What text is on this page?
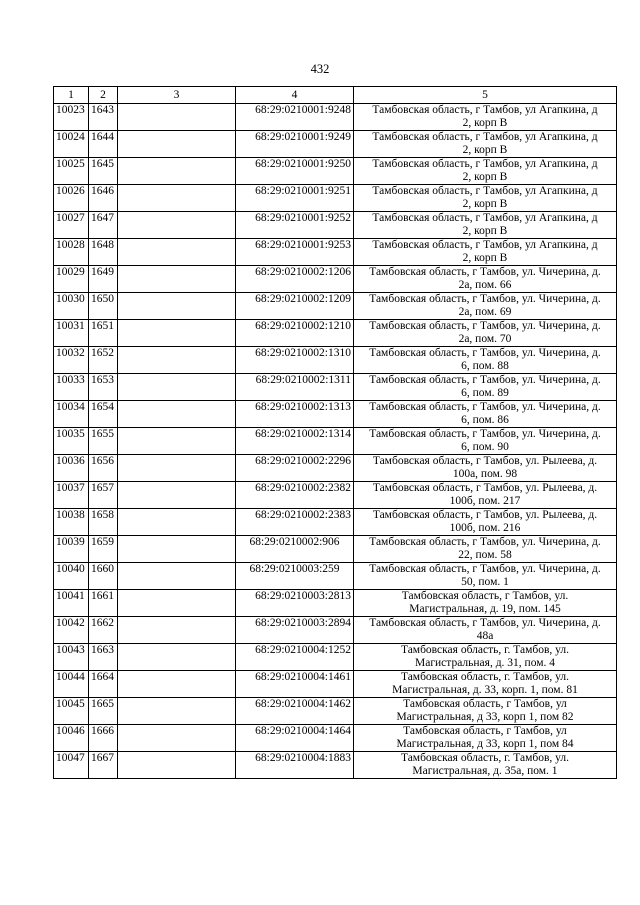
432
1	2	3	4	5
10023	1643		68:29:0210001:9248	Тамбовская область, г Тамбов, ул Агапкина, д
2, корп В

10024	1644		68:29:0210001:9249	Тамбовская область, г Тамбов, ул Агапкина, д
2, корп В

10025	1645		68:29:0210001:9250	Тамбовская область, г Тамбов, ул Агапкина, д
2, корп В

10026	1646		68:29:0210001:9251	Тамбовская область, г Тамбов, ул Агапкина, д
2, корп В

10027	1647		68:29:0210001:9252	Тамбовская область, г Тамбов, ул Агапкина, д
2, корп В

10028	1648		68:29:0210001:9253	Тамбовская область, г Тамбов, ул Агапкина, д
2, корп В

10029	1649		68:29:0210002:1206	Тамбовская область, г Тамбов, ул. Чичерина, д.
2а, пом. 66

10030	1650		68:29:0210002:1209	Тамбовская область, г Тамбов, ул. Чичерина, д.
2а, пом. 69

10031	1651		68:29:0210002:1210	Тамбовская область, г Тамбов, ул. Чичерина, д.
2а, пом. 70

10032	1652		68:29:0210002:1310	Тамбовская область, г Тамбов, ул. Чичерина, д.
6, пом. 88

10033	1653		68:29:0210002:1311	Тамбовская область, г Тамбов, ул. Чичерина, д.
6, пом. 89

10034	1654		68:29:0210002:1313	Тамбовская область, г Тамбов, ул. Чичерина, д.
6, пом. 86

10035	1655		68:29:0210002:1314	Тамбовская область, г Тамбов, ул. Чичерина, д.
6, пом. 90

10036	1656		68:29:0210002:2296	Тамбовская область, г Тамбов, ул. Рылеева, д.
100а, пом. 98

10037	1657		68:29:0210002:2382	Тамбовская область, г Тамбов, ул. Рылеева, д.
100б, пом. 217

10038	1658		68:29:0210002:2383	Тамбовская область, г Тамбов, ул. Рылеева, д.
100б, пом. 216

10039	1659		68:29:0210002:906	Тамбовская область, г Тамбов, ул. Чичерина, д.
22, пом. 58

10040	1660		68:29:0210003:259	Тамбовская область, г Тамбов, ул. Чичерина, д.
50, пом. 1

10041	1661		68:29:0210003:2813	Тамбовская область, г Тамбов, ул.
Магистральная, д. 19, пом. 145

10042	1662		68:29:0210003:2894	Тамбовская область, г Тамбов, ул. Чичерина, д.
48а

10043	1663		68:29:0210004:1252	Тамбовская область, г. Тамбов, ул.
Магистральная, д. 31, пом. 4

10044	1664		68:29:0210004:1461	Тамбовская область, г. Тамбов, ул.
Магистральная, д. 33, корп. 1, пом. 81

10045	1665		68:29:0210004:1462	Тамбовская область, г Тамбов, ул
Магистральная, д 33, корп 1, пом 82

10046	1666		68:29:0210004:1464	Тамбовская область, г Тамбов, ул
Магистральная, д 33, корп 1, пом 84

10047	1667		68:29:0210004:1883	Тамбовская область, г. Тамбов, ул.
Магистральная, д. 35а, пом. 1
